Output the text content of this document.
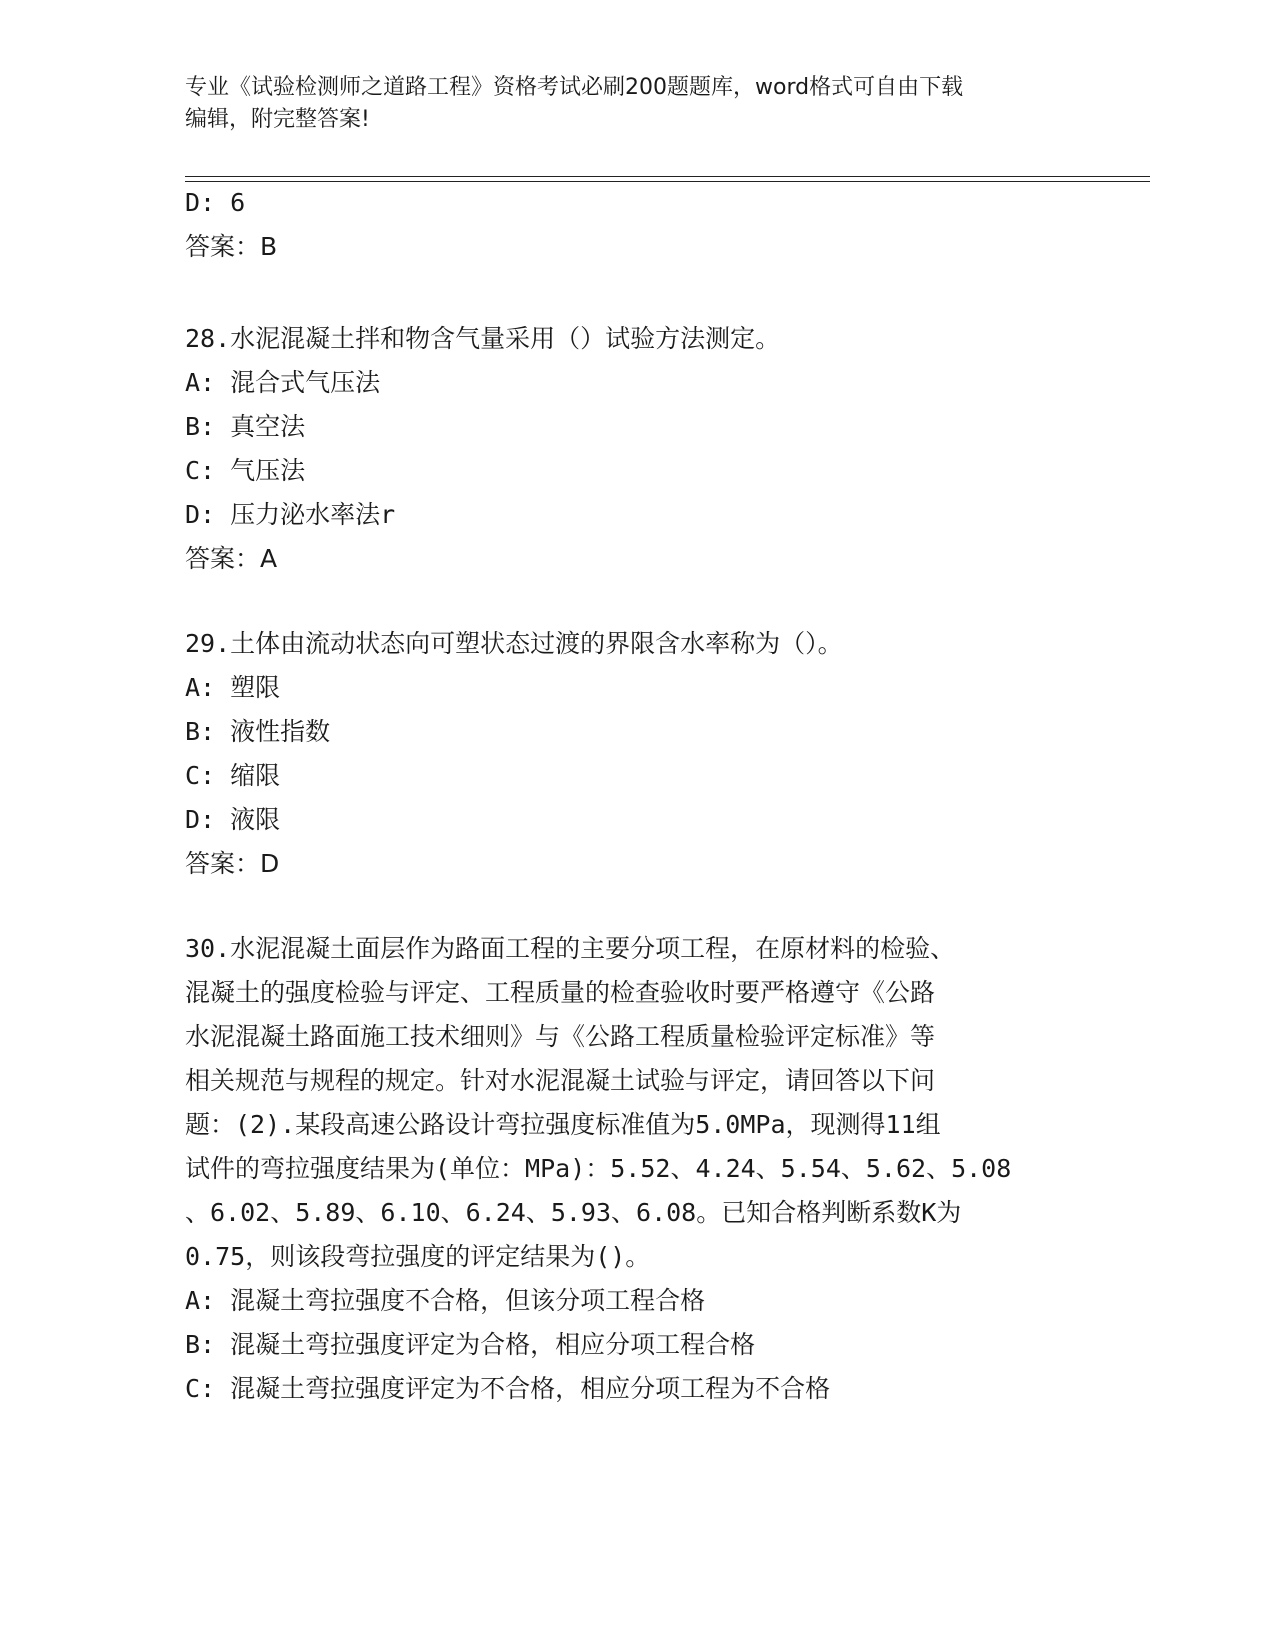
专业《试验检测师之道路工程》资格考试必刷200题题库，word格式可自由下载
编辑，附完整答案!
D: 6
答案：B
28.水泥混凝土拌和物含气量采用（）试验方法测定。
A: 混合式气压法
B: 真空法
C: 气压法
D: 压力泌水率法r
答案：A
29.土体由流动状态向可塑状态过渡的界限含水率称为（）。
A: 塑限
B: 液性指数
C: 缩限
D: 液限
答案：D
30.水泥混凝土面层作为路面工程的主要分项工程，在原材料的检验、
混凝土的强度检验与评定、工程质量的检查验收时要严格遵守《公路
水泥混凝土路面施工技术细则》与《公路工程质量检验评定标准》等
相关规范与规程的规定。针对水泥混凝土试验与评定，请回答以下问
题：(2).某段高速公路设计弯拉强度标准值为5.0MPa，现测得11组
试件的弯拉强度结果为(单位：MPa)：5.52、4.24、5.54、5.62、5.08
、6.02、5.89、6.10、6.24、5.93、6.08。已知合格判断系数K为
0.75，则该段弯拉强度的评定结果为()。
A: 混凝土弯拉强度不合格，但该分项工程合格
B: 混凝土弯拉强度评定为合格，相应分项工程合格
C: 混凝土弯拉强度评定为不合格，相应分项工程为不合格
